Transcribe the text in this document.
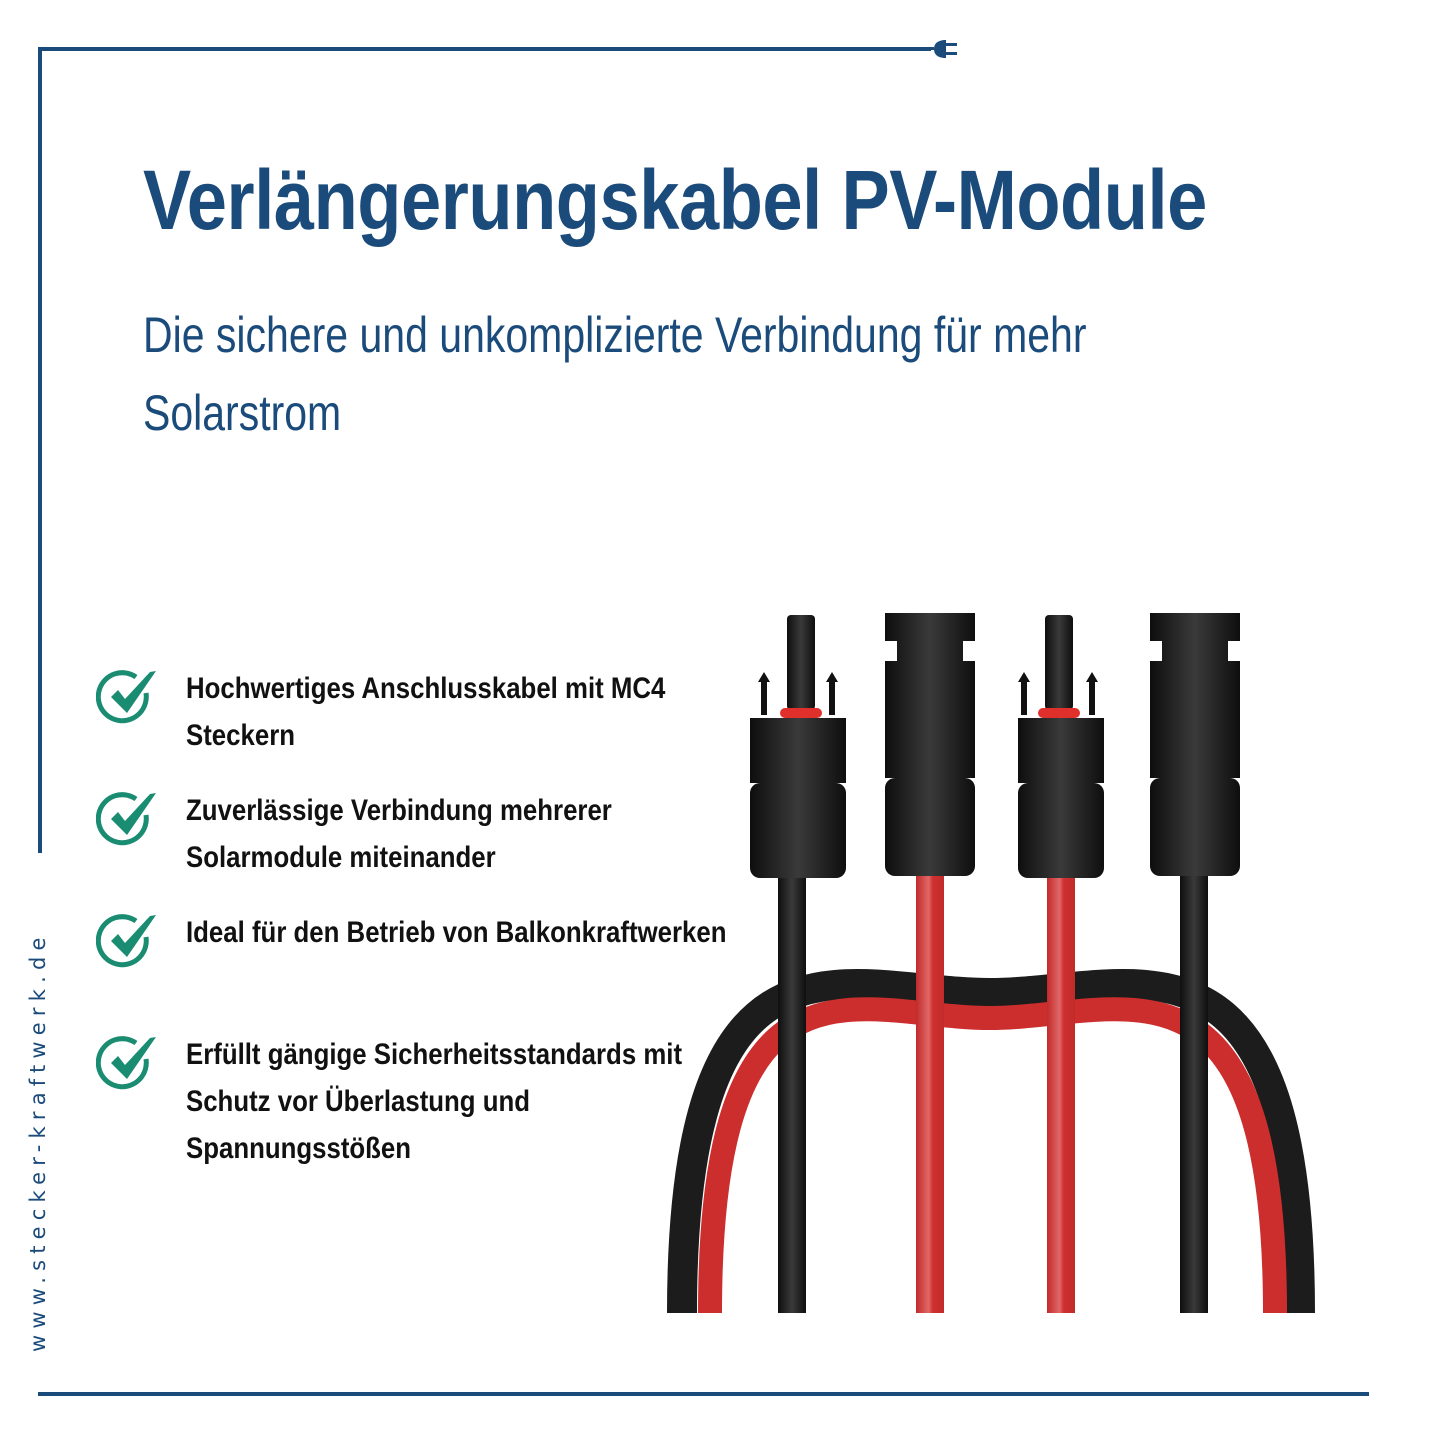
www.stecker-kraftwerk.de
Verlängerungskabel PV-Module

Die sichere und unkomplizierte Verbindung für mehr Solarstrom

Hochwertiges Anschlusskabel mit MC4 Steckern
Zuverlässige Verbindung mehrerer Solarmodule miteinander
Ideal für den Betrieb von Balkonkraftwerken
Erfüllt gängige Sicherheitsstandards mit Schutz vor Überlastung und Spannungsstößen
